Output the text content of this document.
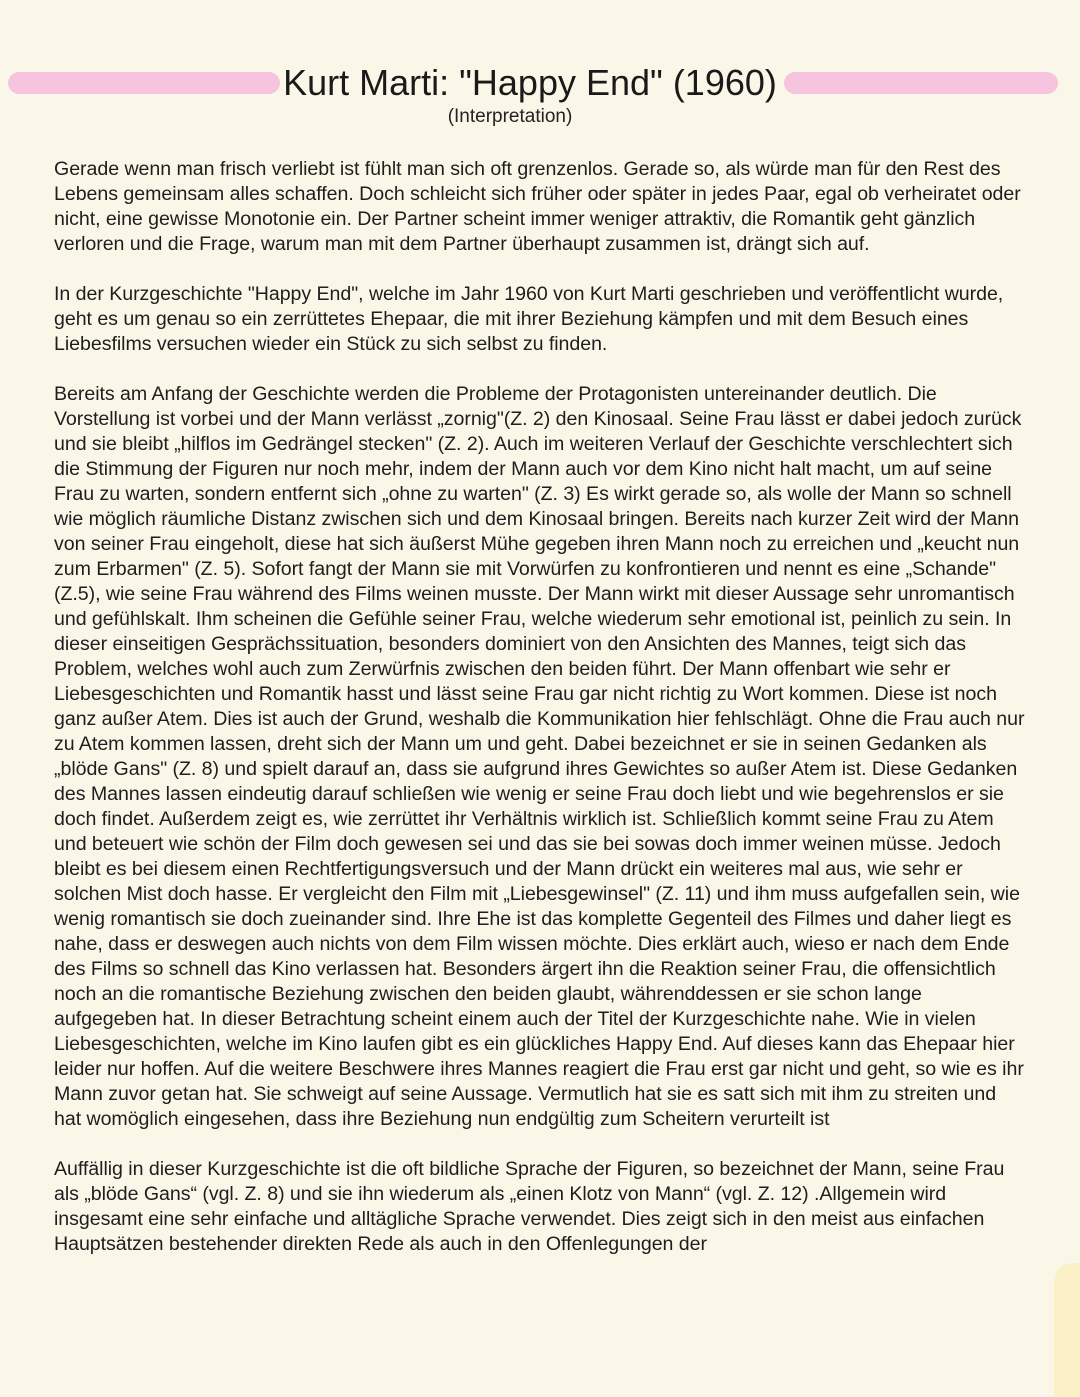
Kurt Marti: "Happy End" (1960)
(Interpretation)

Gerade wenn man frisch verliebt ist fühlt man sich oft grenzenlos. Gerade so, als würde man für den Rest des Lebens gemeinsam alles schaffen. Doch schleicht sich früher oder später in jedes Paar, egal ob verheiratet oder nicht, eine gewisse Monotonie ein. Der Partner scheint immer weniger attraktiv, die Romantik geht gänzlich verloren und die Frage, warum man mit dem Partner überhaupt zusammen ist, drängt sich auf.

In der Kurzgeschichte "Happy End", welche im Jahr 1960 von Kurt Marti geschrieben und veröffentlicht wurde, geht es um genau so ein zerrüttetes Ehepaar, die mit ihrer Beziehung kämpfen und mit dem Besuch eines Liebesfilms versuchen wieder ein Stück zu sich selbst zu finden.

Bereits am Anfang der Geschichte werden die Probleme der Protagonisten untereinander deutlich. Die Vorstellung ist vorbei und der Mann verlässt „zornig"(Z. 2) den Kinosaal. Seine Frau lässt er dabei jedoch zurück und sie bleibt „hilflos im Gedrängel stecken" (Z. 2). Auch im weiteren Verlauf der Geschichte verschlechtert sich die Stimmung der Figuren nur noch mehr, indem der Mann auch vor dem Kino nicht halt macht, um auf seine Frau zu warten, sondern entfernt sich „ohne zu warten" (Z. 3) Es wirkt gerade so, als wolle der Mann so schnell wie möglich räumliche Distanz zwischen sich und dem Kinosaal bringen. Bereits nach kurzer Zeit wird der Mann von seiner Frau eingeholt, diese hat sich äußerst Mühe gegeben ihren Mann noch zu erreichen und „keucht nun zum Erbarmen" (Z. 5). Sofort fangt der Mann sie mit Vorwürfen zu konfrontieren und nennt es eine „Schande" (Z.5), wie seine Frau während des Films weinen musste. Der Mann wirkt mit dieser Aussage sehr unromantisch und gefühlskalt. Ihm scheinen die Gefühle seiner Frau, welche wiederum sehr emotional ist, peinlich zu sein. In dieser einseitigen Gesprächssituation, besonders dominiert von den Ansichten des Mannes, teigt sich das Problem, welches wohl auch zum Zerwürfnis zwischen den beiden führt. Der Mann offenbart wie sehr er Liebesgeschichten und Romantik hasst und lässt seine Frau gar nicht richtig zu Wort kommen. Diese ist noch ganz außer Atem. Dies ist auch der Grund, weshalb die Kommunikation hier fehlschlägt. Ohne die Frau auch nur zu Atem kommen lassen, dreht sich der Mann um und geht. Dabei bezeichnet er sie in seinen Gedanken als „blöde Gans" (Z. 8) und spielt darauf an, dass sie aufgrund ihres Gewichtes so außer Atem ist. Diese Gedanken des Mannes lassen eindeutig darauf schließen wie wenig er seine Frau doch liebt und wie begehrenslos er sie doch findet. Außerdem zeigt es, wie zerrüttet ihr Verhältnis wirklich ist. Schließlich kommt seine Frau zu Atem und beteuert wie schön der Film doch gewesen sei und das sie bei sowas doch immer weinen müsse. Jedoch bleibt es bei diesem einen Rechtfertigungsversuch und der Mann drückt ein weiteres mal aus, wie sehr er solchen Mist doch hasse. Er vergleicht den Film mit „Liebesgewinsel" (Z. 11) und ihm muss aufgefallen sein, wie wenig romantisch sie doch zueinander sind. Ihre Ehe ist das komplette Gegenteil des Filmes und daher liegt es nahe, dass er deswegen auch nichts von dem Film wissen möchte. Dies erklärt auch, wieso er nach dem Ende des Films so schnell das Kino verlassen hat. Besonders ärgert ihn die Reaktion seiner Frau, die offensichtlich noch an die romantische Beziehung zwischen den beiden glaubt, währenddessen er sie schon lange aufgegeben hat. In dieser Betrachtung scheint einem auch der Titel der Kurzgeschichte nahe. Wie in vielen Liebesgeschichten, welche im Kino laufen gibt es ein glückliches Happy End. Auf dieses kann das Ehepaar hier leider nur hoffen. Auf die weitere Beschwere ihres Mannes reagiert die Frau erst gar nicht und geht, so wie es ihr Mann zuvor getan hat. Sie schweigt auf seine Aussage. Vermutlich hat sie es satt sich mit ihm zu streiten und hat womöglich eingesehen, dass ihre Beziehung nun endgültig zum Scheitern verurteilt ist

Auffällig in dieser Kurzgeschichte ist die oft bildliche Sprache der Figuren, so bezeichnet der Mann, seine Frau als „blöde Gans“ (vgl. Z. 8) und sie ihn wiederum als „einen Klotz von Mann“ (vgl. Z. 12) .Allgemein wird insgesamt eine sehr einfache und alltägliche Sprache verwendet. Dies zeigt sich in den meist aus einfachen Hauptsätzen bestehender direkten Rede als auch in den Offenlegungen der
